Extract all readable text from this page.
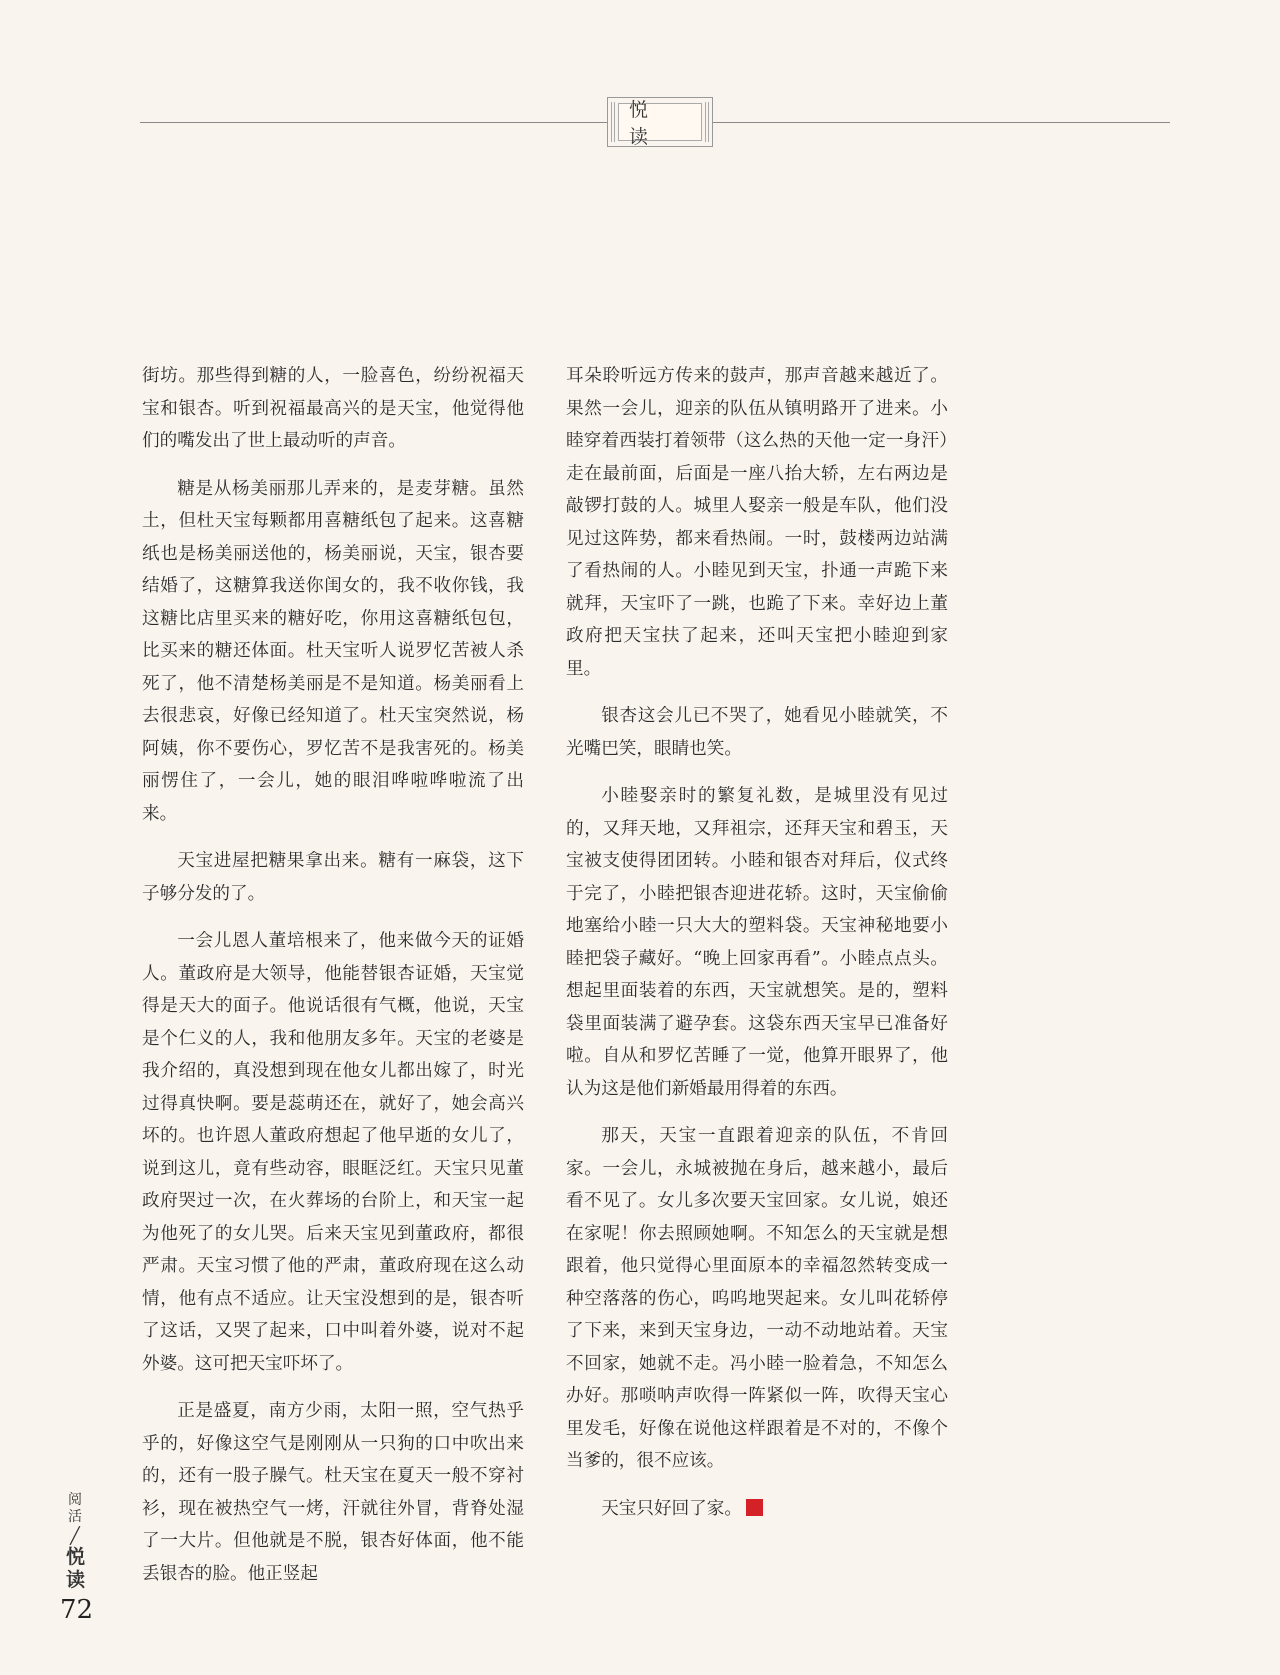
悦 读

街坊。那些得到糖的人，一脸喜色，纷纷祝福天宝和银杏。听到祝福最高兴的是天宝，他觉得他们的嘴发出了世上最动听的声音。

糖是从杨美丽那儿弄来的，是麦芽糖。虽然土，但杜天宝每颗都用喜糖纸包了起来。这喜糖纸也是杨美丽送他的，杨美丽说，天宝，银杏要结婚了，这糖算我送你闺女的，我不收你钱，我这糖比店里买来的糖好吃，你用这喜糖纸包包，比买来的糖还体面。杜天宝听人说罗忆苦被人杀死了，他不清楚杨美丽是不是知道。杨美丽看上去很悲哀，好像已经知道了。杜天宝突然说，杨阿姨，你不要伤心，罗忆苦不是我害死的。杨美丽愣住了，一会儿，她的眼泪哗啦哗啦流了出来。

天宝进屋把糖果拿出来。糖有一麻袋，这下子够分发的了。

一会儿恩人董培根来了，他来做今天的证婚人。董政府是大领导，他能替银杏证婚，天宝觉得是天大的面子。他说话很有气概，他说，天宝是个仁义的人，我和他朋友多年。天宝的老婆是我介绍的，真没想到现在他女儿都出嫁了，时光过得真快啊。要是蕊萌还在，就好了，她会高兴坏的。也许恩人董政府想起了他早逝的女儿了，说到这儿，竟有些动容，眼眶泛红。天宝只见董政府哭过一次，在火葬场的台阶上，和天宝一起为他死了的女儿哭。后来天宝见到董政府，都很严肃。天宝习惯了他的严肃，董政府现在这么动情，他有点不适应。让天宝没想到的是，银杏听了这话，又哭了起来，口中叫着外婆，说对不起外婆。这可把天宝吓坏了。

正是盛夏，南方少雨，太阳一照，空气热乎乎的，好像这空气是刚刚从一只狗的口中吹出来的，还有一股子臊气。杜天宝在夏天一般不穿衬衫，现在被热空气一烤，汗就往外冒，背脊处湿了一大片。但他就是不脱，银杏好体面，他不能丢银杏的脸。他正竖起

耳朵聆听远方传来的鼓声，那声音越来越近了。果然一会儿，迎亲的队伍从镇明路开了进来。小睦穿着西装打着领带（这么热的天他一定一身汗）走在最前面，后面是一座八抬大轿，左右两边是敲锣打鼓的人。城里人娶亲一般是车队，他们没见过这阵势，都来看热闹。一时，鼓楼两边站满了看热闹的人。小睦见到天宝，扑通一声跪下来就拜，天宝吓了一跳，也跪了下来。幸好边上董政府把天宝扶了起来，还叫天宝把小睦迎到家里。

银杏这会儿已不哭了，她看见小睦就笑，不光嘴巴笑，眼睛也笑。

小睦娶亲时的繁复礼数，是城里没有见过的，又拜天地，又拜祖宗，还拜天宝和碧玉，天宝被支使得团团转。小睦和银杏对拜后，仪式终于完了，小睦把银杏迎进花轿。这时，天宝偷偷地塞给小睦一只大大的塑料袋。天宝神秘地要小睦把袋子藏好。“晚上回家再看”。小睦点点头。想起里面装着的东西，天宝就想笑。是的，塑料袋里面装满了避孕套。这袋东西天宝早已准备好啦。自从和罗忆苦睡了一觉，他算开眼界了，他认为这是他们新婚最用得着的东西。

那天，天宝一直跟着迎亲的队伍，不肯回家。一会儿，永城被抛在身后，越来越小，最后看不见了。女儿多次要天宝回家。女儿说，娘还在家呢！你去照顾她啊。不知怎么的天宝就是想跟着，他只觉得心里面原本的幸福忽然转变成一种空落落的伤心，呜呜地哭起来。女儿叫花轿停了下来，来到天宝身边，一动不动地站着。天宝不回家，她就不走。冯小睦一脸着急，不知怎么办好。那唢呐声吹得一阵紧似一阵，吹得天宝心里发毛，好像在说他这样跟着是不对的，不像个当爹的，很不应该。

天宝只好回了家。

阅活
╱
悦读
72
